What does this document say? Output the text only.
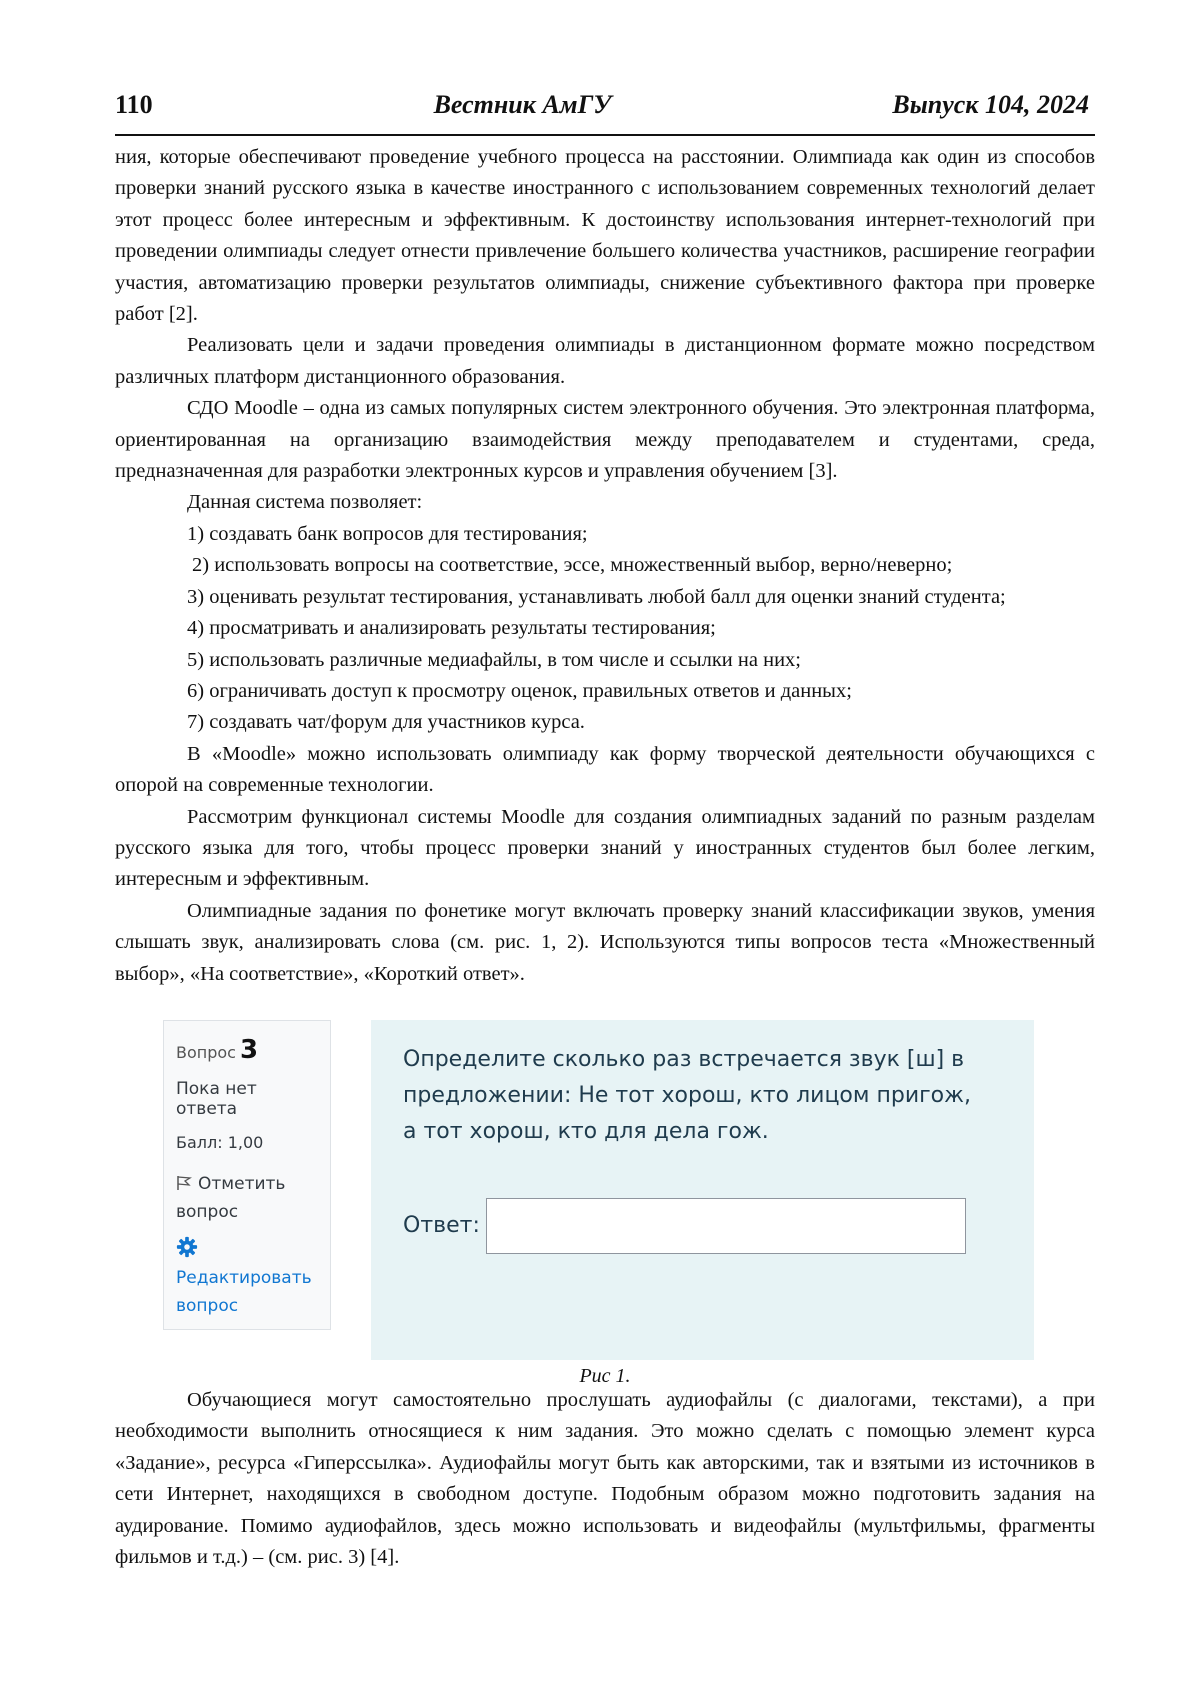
110	Вестник АмГУ	Выпуск 104, 2024

ния, которые обеспечивают проведение учебного процесса на расстоянии. Олимпиада как один из способов проверки знаний русского языка в качестве иностранного с использованием современных технологий делает этот процесс более интересным и эффективным. К достоинству использования интернет-технологий при проведении олимпиады следует отнести привлечение большего количества участников, расширение географии участия, автоматизацию проверки результатов олимпиады, снижение субъективного фактора при проверке работ [2].

Реализовать цели и задачи проведения олимпиады в дистанционном формате можно посредством различных платформ дистанционного образования.

СДО Moodle – одна из самых популярных систем электронного обучения. Это электронная платформа, ориентированная на организацию взаимодействия между преподавателем и студентами, среда, предназначенная для разработки электронных курсов и управления обучением [3].

Данная система позволяет:

1) создавать банк вопросов для тестирования;

2) использовать вопросы на соответствие, эссе, множественный выбор, верно/неверно;

3) оценивать результат тестирования, устанавливать любой балл для оценки знаний студента;

4) просматривать и анализировать результаты тестирования;

5) использовать различные медиафайлы, в том числе и ссылки на них;

6) ограничивать доступ к просмотру оценок, правильных ответов и данных;

7) создавать чат/форум для участников курса.

В «Moodle» можно использовать олимпиаду как форму творческой деятельности обучающихся с опорой на современные технологии.

Рассмотрим функционал системы Moodle для создания олимпиадных заданий по разным разделам русского языка для того, чтобы процесс проверки знаний у иностранных студентов был более легким, интересным и эффективным.

Олимпиадные задания по фонетике могут включать проверку знаний классификации звуков, умения слышать звук, анализировать слова (см. рис. 1, 2). Используются типы вопросов теста «Множественный выбор», «На соответствие», «Короткий ответ».

Вопрос 3
Пока нет ответа
Балл: 1,00
Отметить вопрос
Редактировать вопрос
Определите сколько раз встречается звук [ш] в предложении: Не тот хорош, кто лицом пригож, а тот хорош, кто для дела гож.
Ответ:
Рис 1.

Обучающиеся могут самостоятельно прослушать аудиофайлы (с диалогами, текстами), а при необходимости выполнить относящиеся к ним задания. Это можно сделать с помощью элемент курса «Задание», ресурса «Гиперссылка». Аудиофайлы могут быть как авторскими, так и взятыми из источников в сети Интернет, находящихся в свободном доступе. Подобным образом можно подготовить задания на аудирование. Помимо аудиофайлов, здесь можно использовать и видеофайлы (мультфильмы, фрагменты фильмов и т.д.) – (см. рис. 3) [4].
